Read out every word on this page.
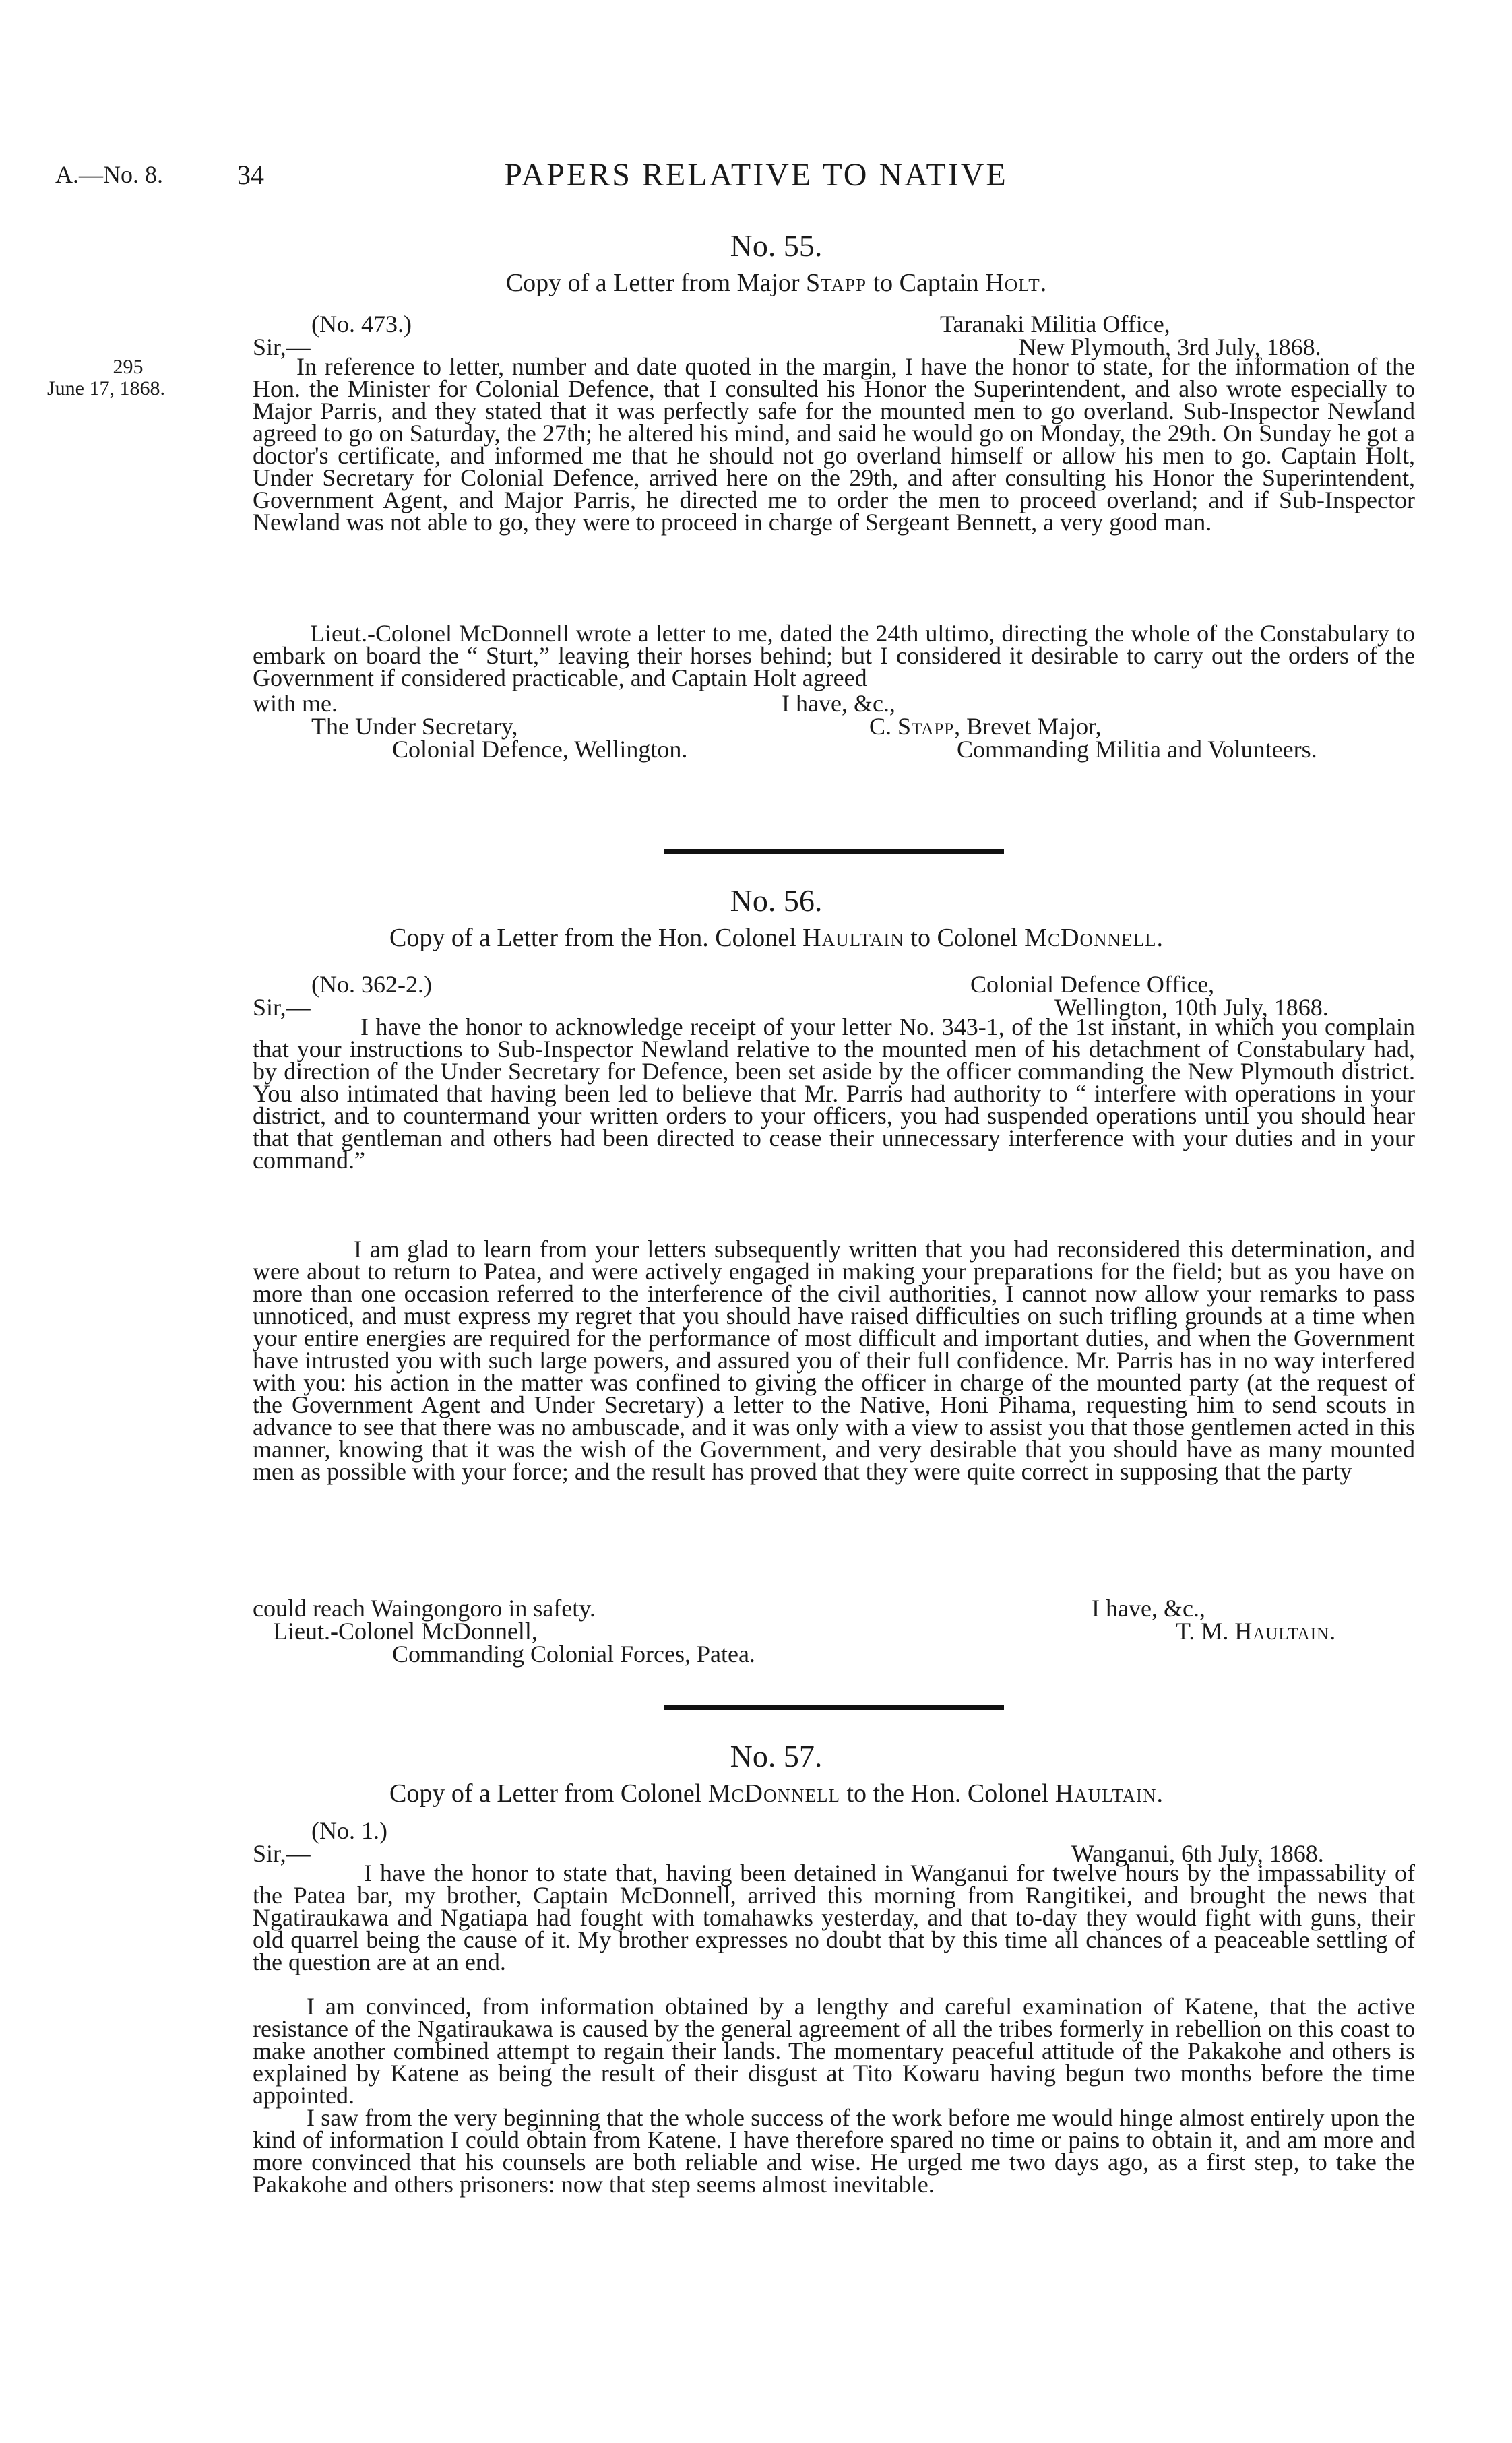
A.—No. 8.	34	PAPERS RELATIVE TO NATIVE
No. 55.
Copy of a Letter from Major Stapp to Captain Holt.
(No. 473.)	Taranaki Militia Office,
Sir,—	New Plymouth, 3rd July, 1868.
295
June 17, 1868.

In reference to letter, number and date quoted in the margin, I have the honor to state, for the information of the Hon. the Minister for Colonial Defence, that I consulted his Honor the Superintendent, and also wrote especially to Major Parris, and they stated that it was perfectly safe for the mounted men to go overland. Sub-Inspector Newland agreed to go on Saturday, the 27th; he altered his mind, and said he would go on Monday, the 29th. On Sunday he got a doctor's certificate, and informed me that he should not go overland himself or allow his men to go. Captain Holt, Under Secretary for Colonial Defence, arrived here on the 29th, and after consulting his Honor the Superintendent, Government Agent, and Major Parris, he directed me to order the men to proceed overland; and if Sub-Inspector Newland was not able to go, they were to proceed in charge of Sergeant Bennett, a very good man.

Lieut.-Colonel McDonnell wrote a letter to me, dated the 24th ultimo, directing the whole of the Constabulary to embark on board the “ Sturt,” leaving their horses behind; but I considered it desirable to carry out the orders of the Government if considered practicable, and Captain Holt agreed

with me.	I have, &c.,
The Under Secretary,	C. Stapp, Brevet Major,
Colonial Defence, Wellington.	Commanding Militia and Volunteers.
No. 56.
Copy of a Letter from the Hon. Colonel Haultain to Colonel McDonnell.
(No. 362-2.)	Colonial Defence Office,
Sir,—	Wellington, 10th July, 1868.

I have the honor to acknowledge receipt of your letter No. 343-1, of the 1st instant, in which you complain that your instructions to Sub-Inspector Newland relative to the mounted men of his detachment of Constabulary had, by direction of the Under Secretary for Defence, been set aside by the officer commanding the New Plymouth district. You also intimated that having been led to believe that Mr. Parris had authority to “ interfere with operations in your district, and to countermand your written orders to your officers, you had suspended operations until you should hear that that gentleman and others had been directed to cease their unnecessary interference with your duties and in your command.”

I am glad to learn from your letters subsequently written that you had reconsidered this determination, and were about to return to Patea, and were actively engaged in making your preparations for the field; but as you have on more than one occasion referred to the interference of the civil authorities, I cannot now allow your remarks to pass unnoticed, and must express my regret that you should have raised difficulties on such trifling grounds at a time when your entire energies are required for the performance of most difficult and important duties, and when the Government have intrusted you with such large powers, and assured you of their full confidence. Mr. Parris has in no way interfered with you: his action in the matter was confined to giving the officer in charge of the mounted party (at the request of the Government Agent and Under Secretary) a letter to the Native, Honi Pihama, requesting him to send scouts in advance to see that there was no ambuscade, and it was only with a view to assist you that those gentlemen acted in this manner, knowing that it was the wish of the Government, and very desirable that you should have as many mounted men as possible with your force; and the result has proved that they were quite correct in supposing that the party

could reach Waingongoro in safety.	I have, &c.,
Lieut.-Colonel McDonnell,	T. M. Haultain.
Commanding Colonial Forces, Patea.
No. 57.
Copy of a Letter from Colonel McDonnell to the Hon. Colonel Haultain.
(No. 1.)
Sir,—	Wanganui, 6th July, 1868.

I have the honor to state that, having been detained in Wanganui for twelve hours by the impassability of the Patea bar, my brother, Captain McDonnell, arrived this morning from Rangitikei, and brought the news that Ngatiraukawa and Ngatiapa had fought with tomahawks yesterday, and that to-day they would fight with guns, their old quarrel being the cause of it. My brother expresses no doubt that by this time all chances of a peaceable settling of the question are at an end.

I am convinced, from information obtained by a lengthy and careful examination of Katene, that the active resistance of the Ngatiraukawa is caused by the general agreement of all the tribes formerly in rebellion on this coast to make another combined attempt to regain their lands. The momentary peaceful attitude of the Pakakohe and others is explained by Katene as being the result of their disgust at Tito Kowaru having begun two months before the time appointed.

I saw from the very beginning that the whole success of the work before me would hinge almost entirely upon the kind of information I could obtain from Katene. I have therefore spared no time or pains to obtain it, and am more and more convinced that his counsels are both reliable and wise. He urged me two days ago, as a first step, to take the Pakakohe and others prisoners: now that step seems almost inevitable.
